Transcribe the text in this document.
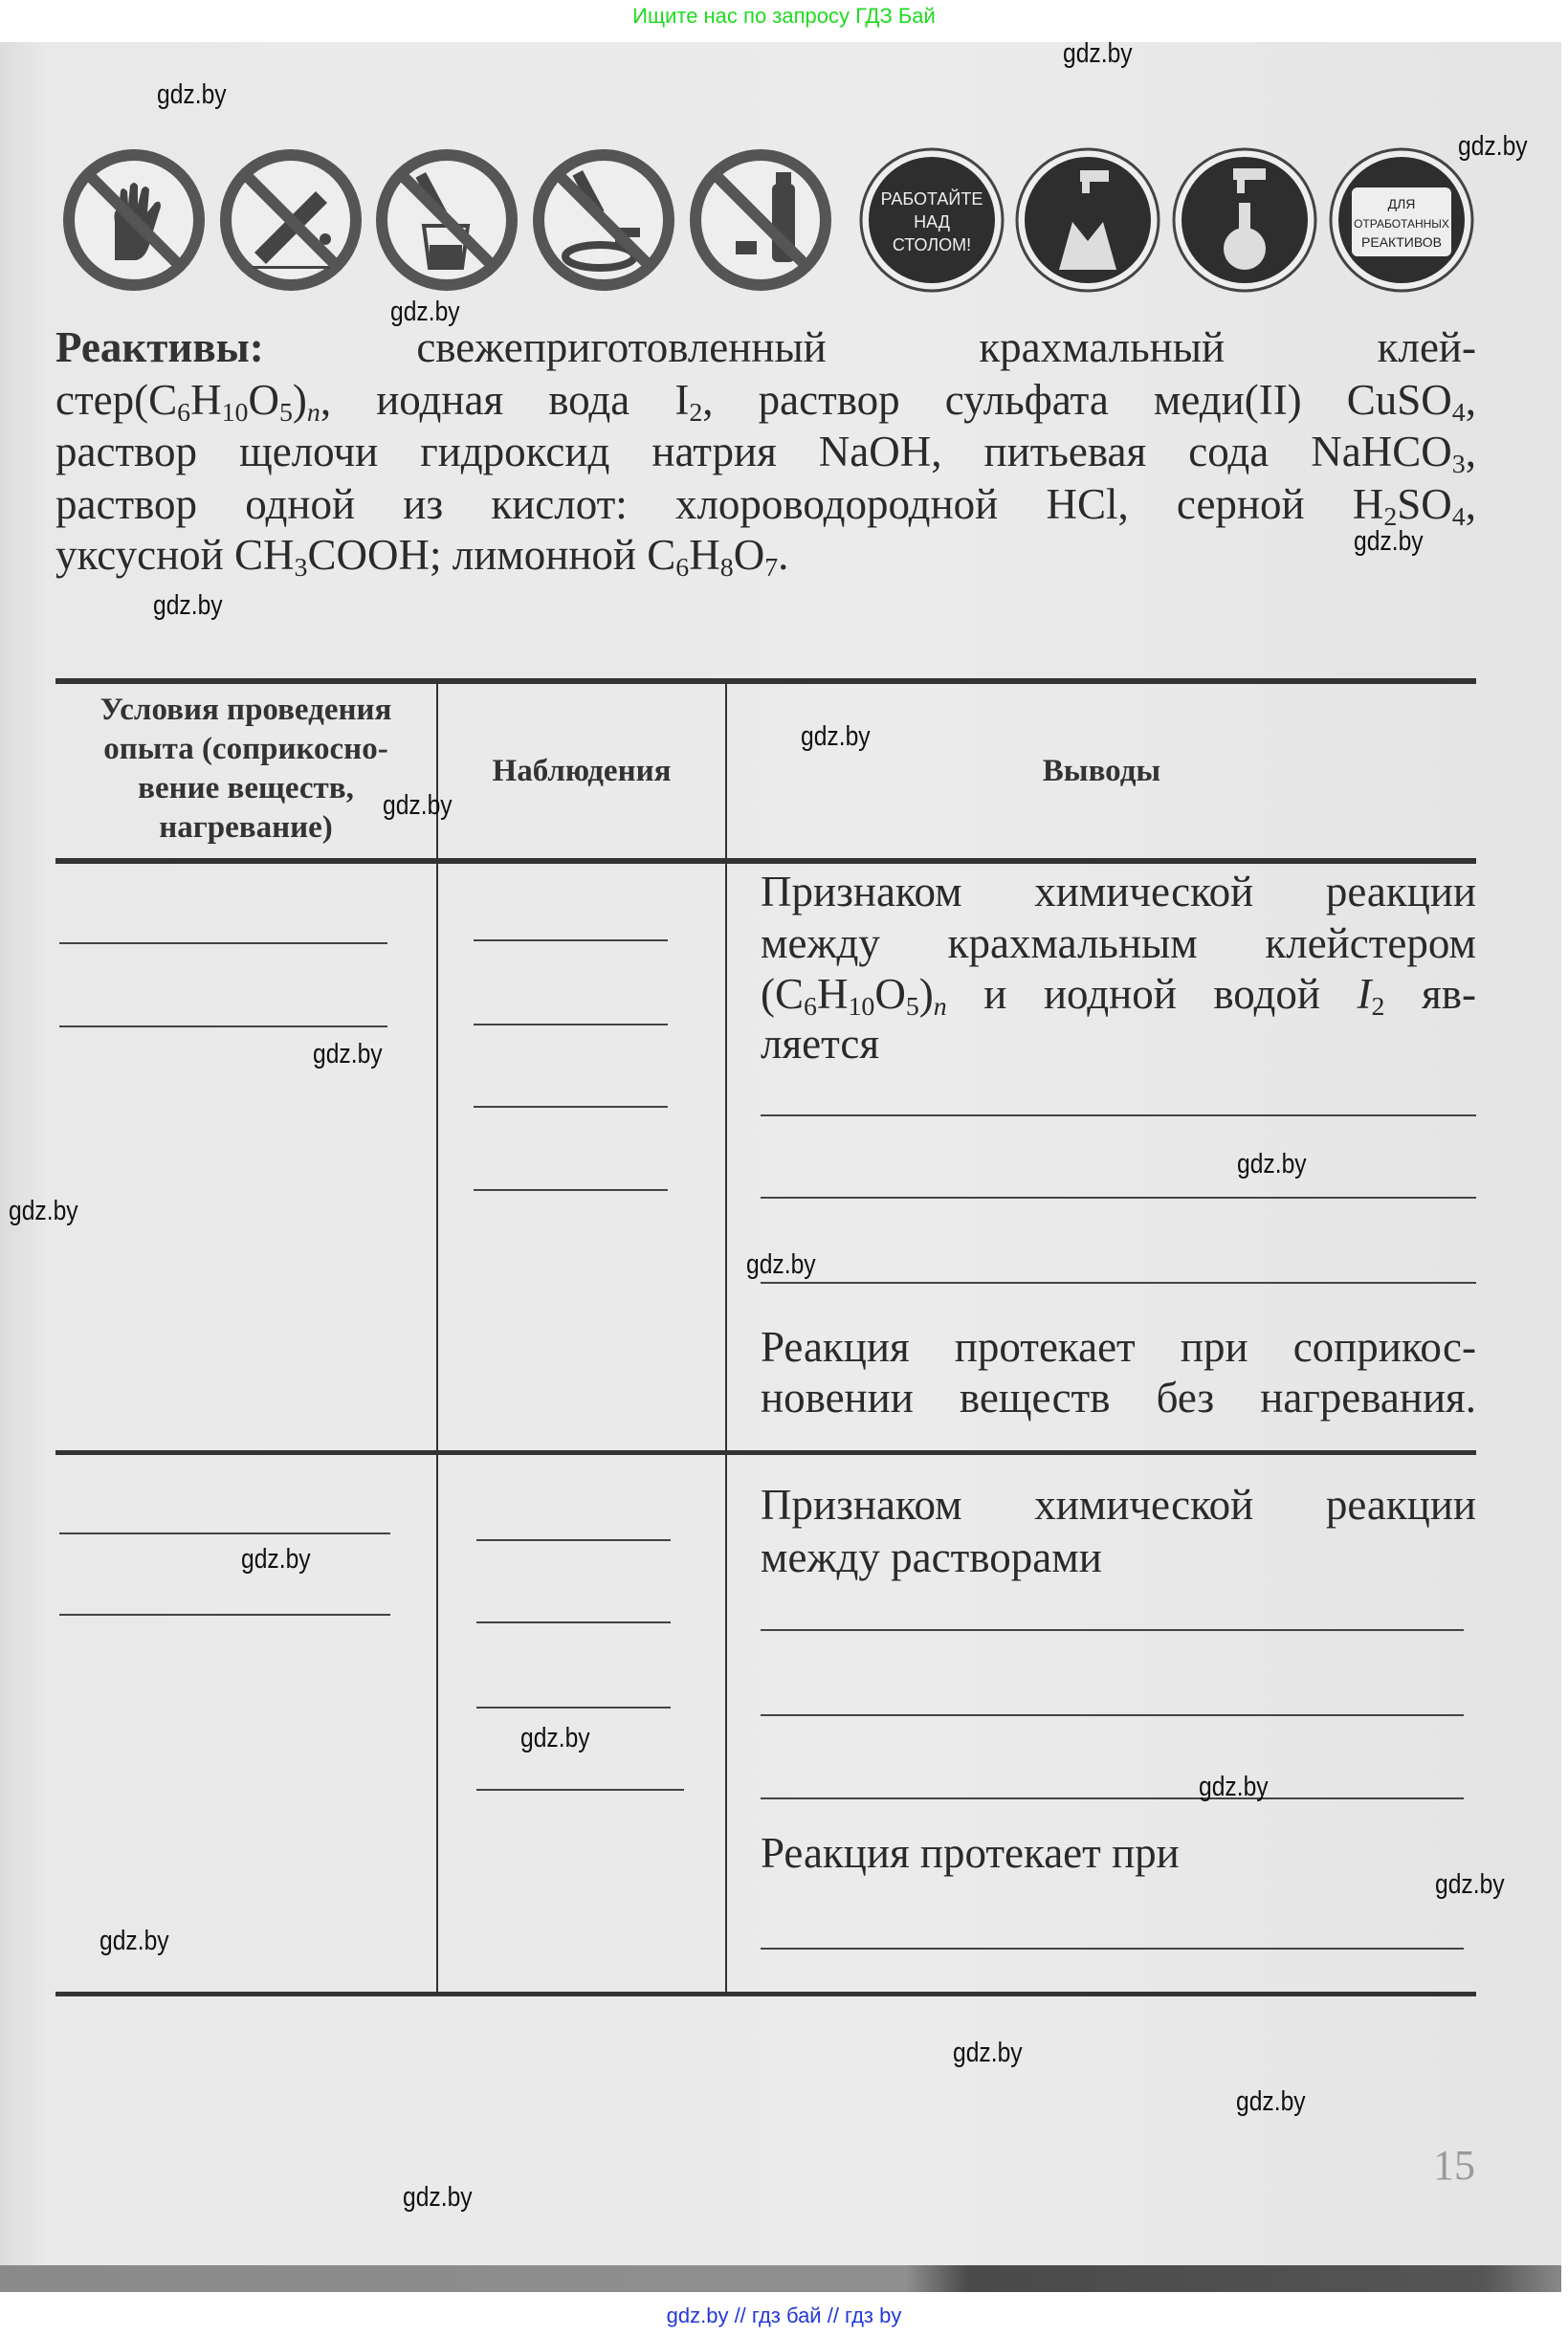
Ищите нас по запросу ГДЗ Бай
РАБОТАЙТЕ
НАД
СТОЛОМ!
ДЛЯ
ОТРАБОТАННЫХ
РЕАКТИВОВ
Реактивы:	свежеприготовленный крахмальный клей-
$стер(C_6H_{10}O_5)_n$, иодная вода $I_2$, раствор сульфата меди(II) CuSO$_4$,
раствор щелочи гидроксид натрия NaOH, питьевая сода NaHCO$_3$,
раствор одной из кислот: хлороводородной HCl, серной $H_2SO_4$,
уксусной $CH_3COOH$; лимонной $C_6H_8O_7$.
Условия проведения
опыта (соприкосно-
вение веществ,
нагревание)
Наблюдения	Выводы
Признаком химической реакции
между крахмальным клейстером
$(C_6H_{10}O_5)_n$ и иодной водой $I_2$ яв-
ляется
Реакция протекает при соприкос-
новении веществ без нагревания.
Признаком химической реакции
между растворами
Реакция протекает при
15
gdz.by
gdz.by
gdz.by
gdz.by
gdz.by
gdz.by
gdz.by
gdz.by
gdz.by
gdz.by
gdz.by
gdz.by
gdz.by
gdz.by
gdz.by
gdz.by
gdz.by
gdz.by
gdz.by
gdz.by
gdz.by // гдз бай // гдз by
